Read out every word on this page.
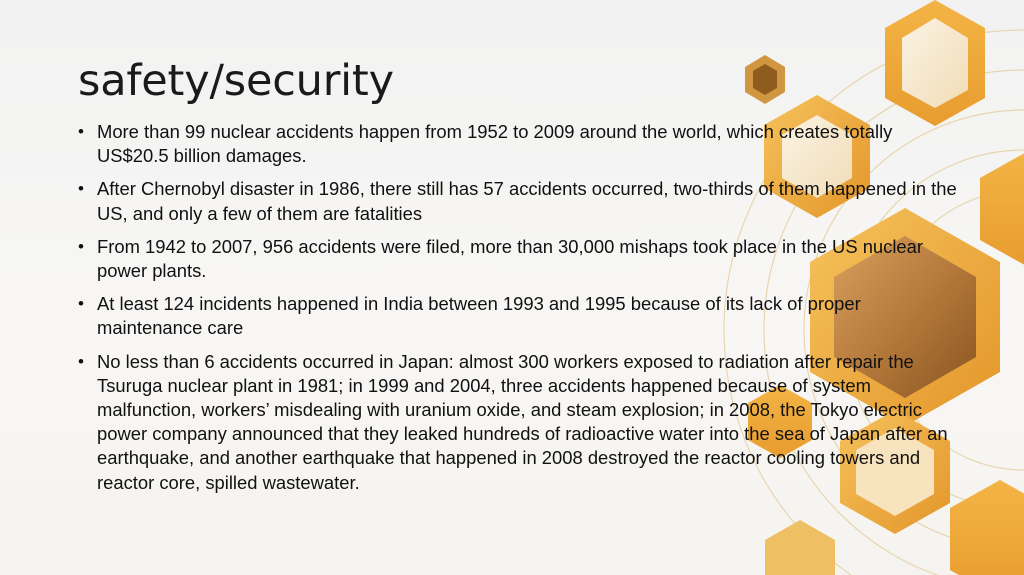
safety/security
• More than 99 nuclear accidents happen from 1952 to 2009 around the world, which creates totally US$20.5 billion damages.
• After Chernobyl disaster in 1986, there still has 57 accidents occurred, two-thirds of them happened in the US, and only a few of them are fatalities
• From 1942 to 2007, 956 accidents were filed, more than 30,000 mishaps took place in the US nuclear power plants.
• At least 124 incidents happened in India between 1993 and 1995 because of its lack of proper maintenance care
• No less than 6 accidents occurred in Japan: almost 300 workers exposed to radiation after repair the Tsuruga nuclear plant in 1981; in 1999 and 2004, three accidents happened because of system malfunction, workers’ misdealing with uranium oxide, and steam explosion; in 2008, the Tokyo electric power company announced that they leaked hundreds of radioactive water into the sea of Japan after an earthquake, and another earthquake that happened in 2008 destroyed the reactor cooling towers and reactor core, spilled wastewater.
